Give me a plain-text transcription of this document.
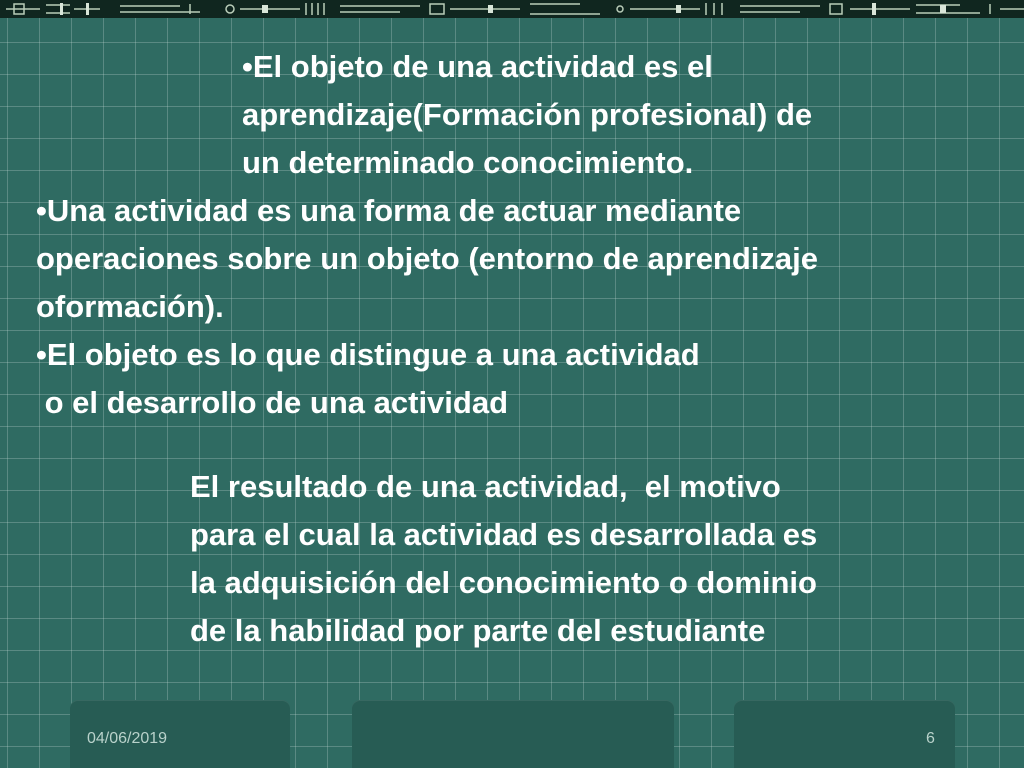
•El objeto de una actividad es el
aprendizaje(Formación profesional) de
un determinado conocimiento.
•Una actividad es una forma de actuar mediante
operaciones sobre un objeto (entorno de aprendizaje
oformación).
•El objeto es lo que distingue a una actividad
o el desarrollo de una actividad
El resultado de una actividad,  el motivo
para el cual la actividad es desarrollada es
la adquisición del conocimiento o dominio
de la habilidad por parte del estudiante
04/06/2019	6
